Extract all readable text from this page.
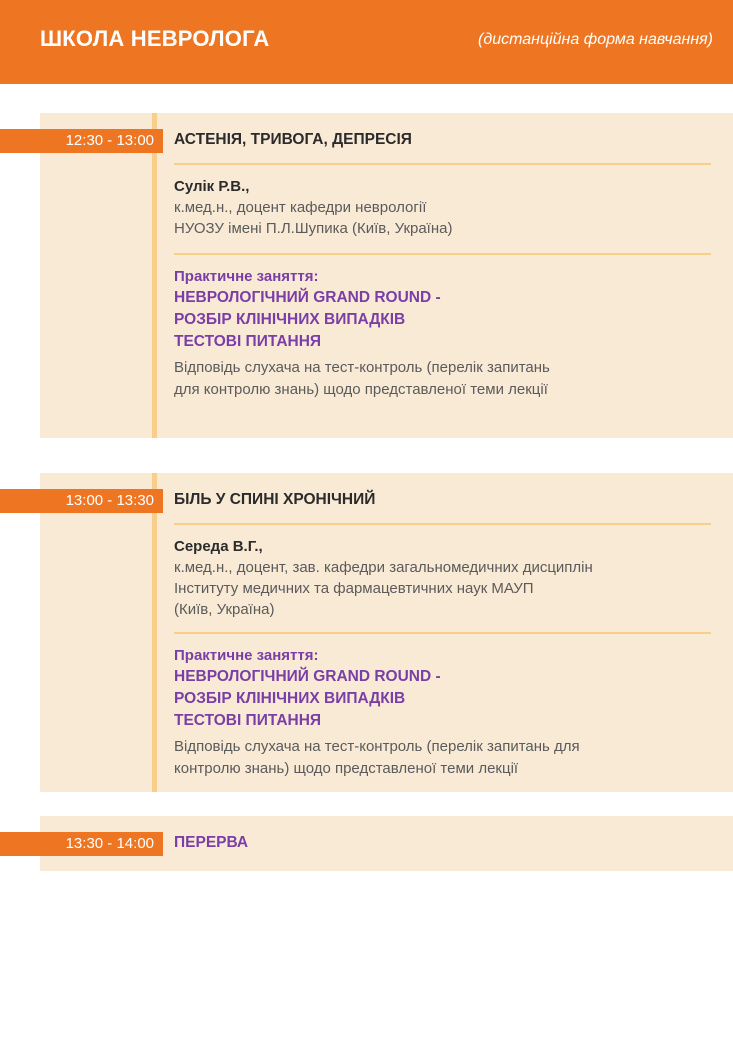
ШКОЛА НЕВРОЛОГА	(дистанційна форма навчання)
12:30 - 13:00	АСТЕНІЯ, ТРИВОГА, ДЕПРЕСІЯ
Сулік Р.В.,
к.мед.н., доцент кафедри неврології
НУОЗУ імені П.Л.Шупика (Київ, Україна)
Практичне заняття:
НЕВРОЛОГІЧНИЙ GRAND ROUND -
РОЗБІР КЛІНІЧНИХ ВИПАДКІВ
ТЕСТОВІ ПИТАННЯ
Відповідь слухача на тест-контроль (перелік запитань
для контролю знань) щодо представленої теми лекції
13:00 - 13:30	БІЛЬ У СПИНІ ХРОНІЧНИЙ
Середа В.Г.,
к.мед.н., доцент, зав. кафедри загальномедичних дисциплін
Інституту медичних та фармацевтичних наук МАУП
(Київ, Україна)
Практичне заняття:
НЕВРОЛОГІЧНИЙ GRAND ROUND -
РОЗБІР КЛІНІЧНИХ ВИПАДКІВ
ТЕСТОВІ ПИТАННЯ
Відповідь слухача на тест-контроль (перелік запитань для
контролю знань) щодо представленої теми лекції
13:30 - 14:00	ПЕРЕРВА
